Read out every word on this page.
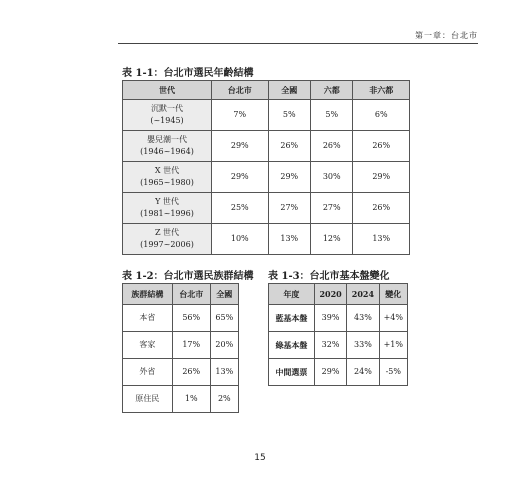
第一章：台北市
表 1-1：台北市選民年齡結構
世代	台北市	全國	六都	非六都
沉默一代
(~1945)	7%	5%	5%	6%
嬰兒潮一代
(1946~1964)	29%	26%	26%	26%
X 世代
(1965~1980)	29%	29%	30%	29%
Y 世代
(1981~1996)	25%	27%	27%	26%
Z 世代
(1997~2006)	10%	13%	12%	13%
表 1-2：台北市選民族群結構
族群結構	台北市	全國
本省	56%	65%
客家	17%	20%
外省	26%	13%
原住民	1%	2%
表 1-3：台北市基本盤變化
年度	2020	2024	變化
藍基本盤	39%	43%	+4%
綠基本盤	32%	33%	+1%
中間選票	29%	24%	-5%
15
